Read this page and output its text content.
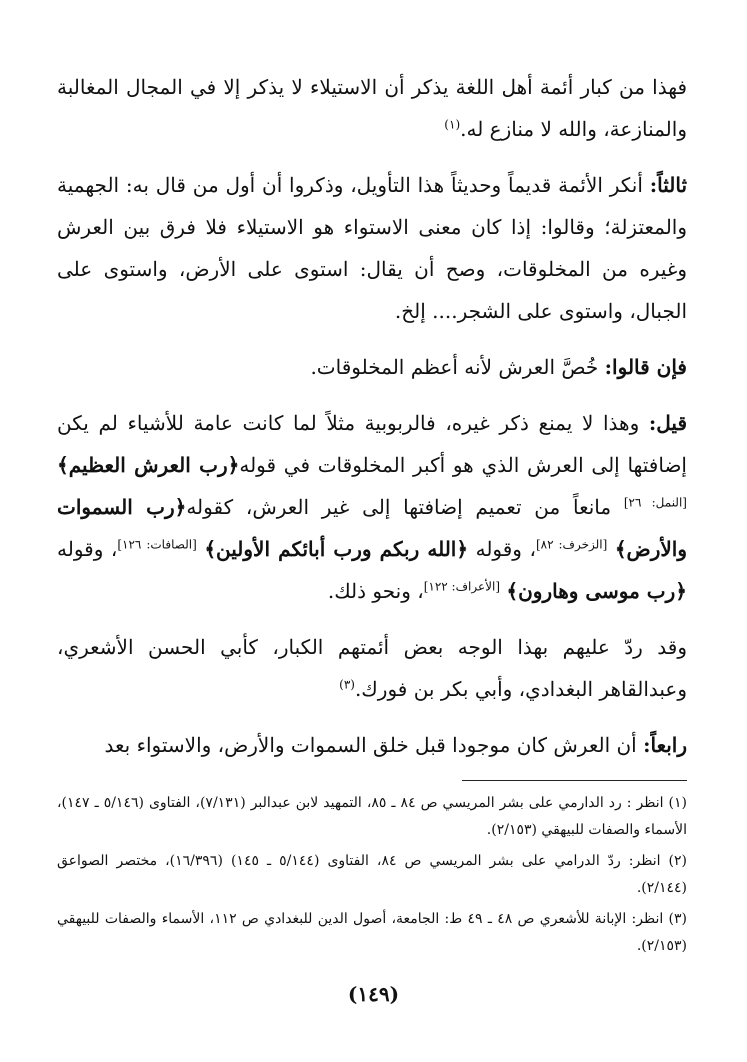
فهذا من كبار أئمة أهل اللغة يذكر أن الاستيلاء لا يذكر إلا في المجال المغالبة والمنازعة، والله لا منازع له.$^{(١)}$

ثالثاً: أنكر الأئمة قديماً وحديثاً هذا التأويل، وذكروا أن أول من قال به: الجهمية والمعتزلة؛ وقالوا: إذا كان معنى الاستواء هو الاستيلاء فلا فرق بين العرش وغيره من المخلوقات، وصح أن يقال: استوى على الأرض، واستوى على الجبال، واستوى على الشجر.... إلخ.

فإن قالوا: خُصَّ العرش لأنه أعظم المخلوقات.

قيل: وهذا لا يمنع ذكر غيره، فالربوبية مثلاً لما كانت عامة للأشياء لم يكن إضافتها إلى العرش الذي هو أكبر المخلوقات في قوله﴿رب العرش العظيم﴾ [النمل: ٢٦] مانعاً من تعميم إضافتها إلى غير العرش، كقوله﴿رب السموات والأرض﴾ [الزخرف: ٨٢]، وقوله ﴿الله ربكم ورب أبائكم الأولين﴾ [الصافات: ١٢٦]، وقوله ﴿رب موسى وهارون﴾ [الأعراف: ١٢٢]، ونحو ذلك.

وقد ردّ عليهم بهذا الوجه بعض أئمتهم الكبار، كأبي الحسن الأشعري، وعبدالقاهر البغدادي، وأبي بكر بن فورك.$^{(٣)}$

رابعاً: أن العرش كان موجودا قبل خلق السموات والأرض، والاستواء بعد

(١) انظر : رد الدارمي على بشر المريسي ص ٨٤ ـ ٨٥، التمهيد لابن عبدالبر (٧/١٣١)، الفتاوى (٥/١٤٦ ـ ١٤٧)، الأسماء والصفات للبيهقي (٢/١٥٣).

(٢) انظر: ردّ الدرامي على بشر المريسي ص ٨٤، الفتاوى (٥/١٤٤ ـ ١٤٥) (١٦/٣٩٦)، مختصر الصواعق (٢/١٤٤).

(٣) انظر: الإبانة للأشعري ص ٤٨ ـ ٤٩ ط: الجامعة، أصول الدين للبغدادي ص ١١٢، الأسماء والصفات للبيهقي (٢/١٥٣).

(١٤٩)
